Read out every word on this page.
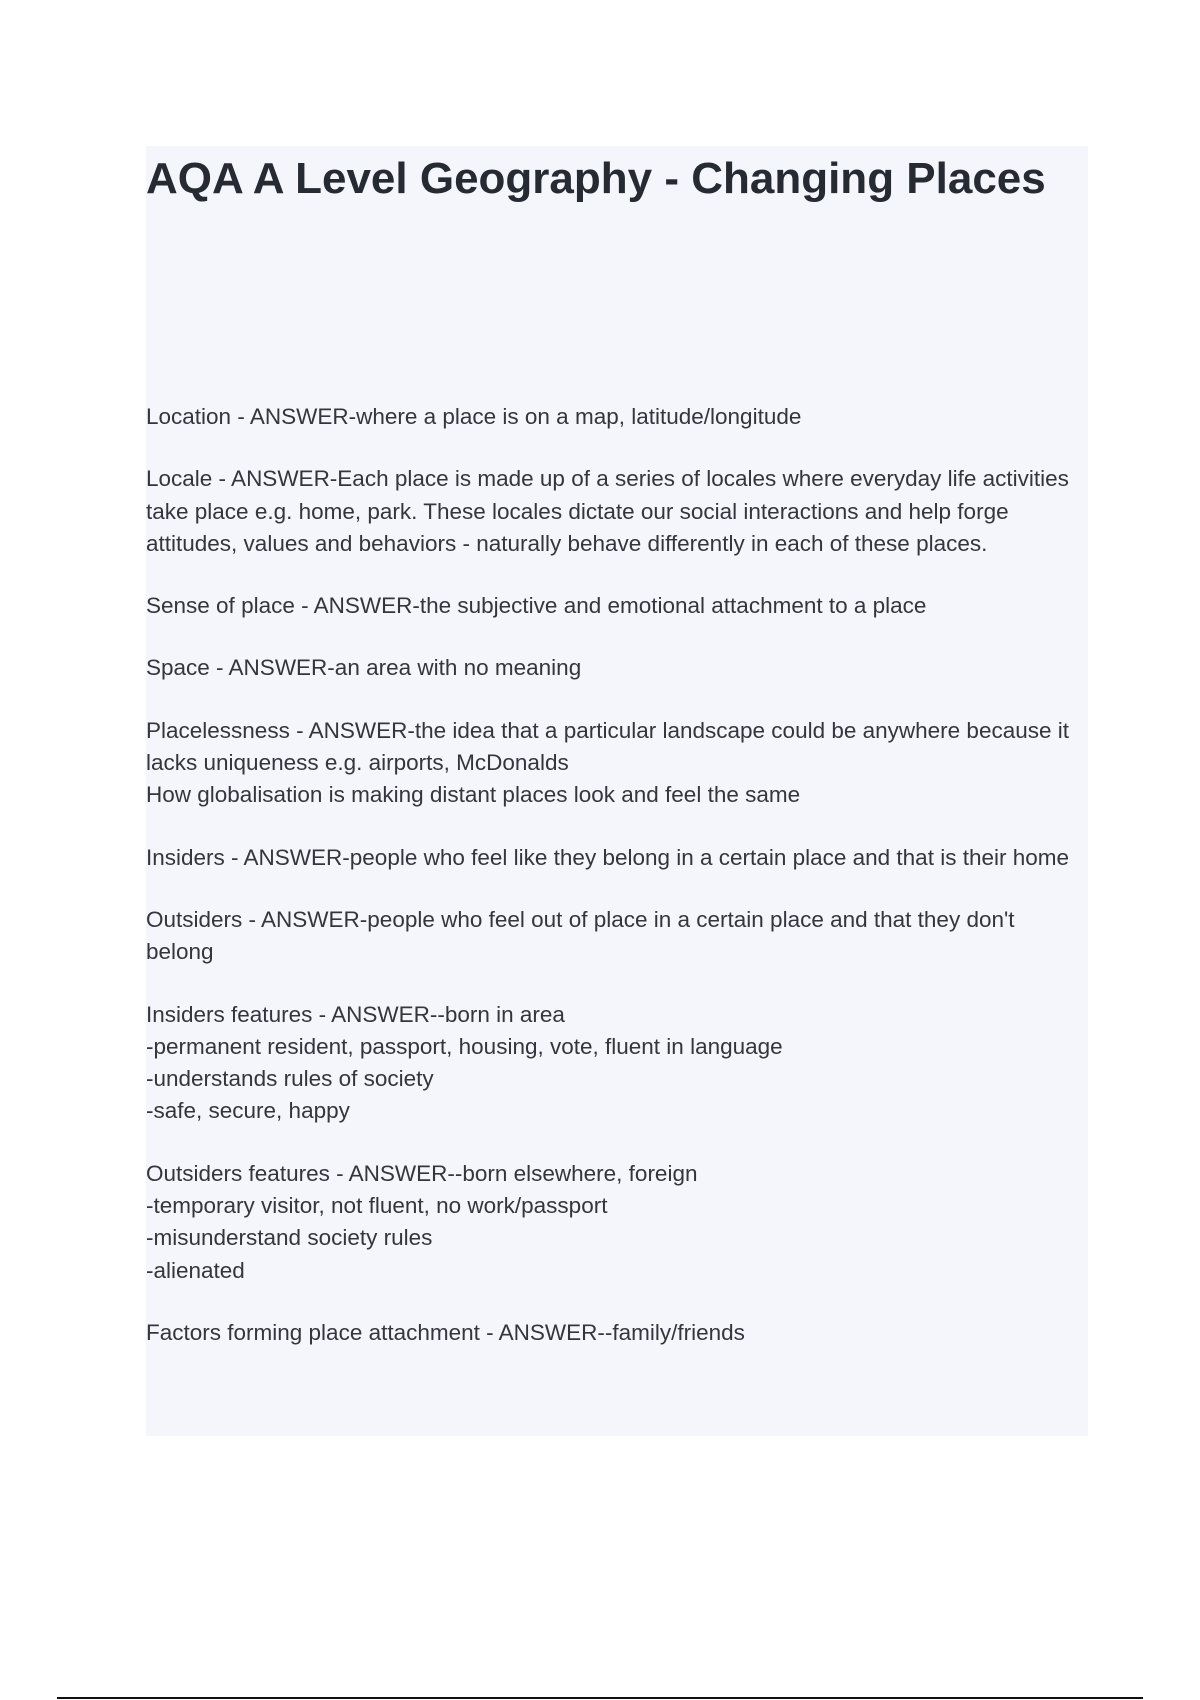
AQA A Level Geography - Changing Places

Location - ANSWER-where a place is on a map, latitude/longitude

Locale - ANSWER-Each place is made up of a series of locales where everyday life activities take place e.g. home, park. These locales dictate our social interactions and help forge attitudes, values and behaviors - naturally behave differently in each of these places.

Sense of place - ANSWER-the subjective and emotional attachment to a place

Space - ANSWER-an area with no meaning

Placelessness - ANSWER-the idea that a particular landscape could be anywhere because it lacks uniqueness e.g. airports, McDonalds
How globalisation is making distant places look and feel the same

Insiders - ANSWER-people who feel like they belong in a certain place and that is their home

Outsiders - ANSWER-people who feel out of place in a certain place and that they don't belong

Insiders features - ANSWER--born in area
-permanent resident, passport, housing, vote, fluent in language
-understands rules of society
-safe, secure, happy

Outsiders features - ANSWER--born elsewhere, foreign
-temporary visitor, not fluent, no work/passport
-misunderstand society rules
-alienated

Factors forming place attachment - ANSWER--family/friends
